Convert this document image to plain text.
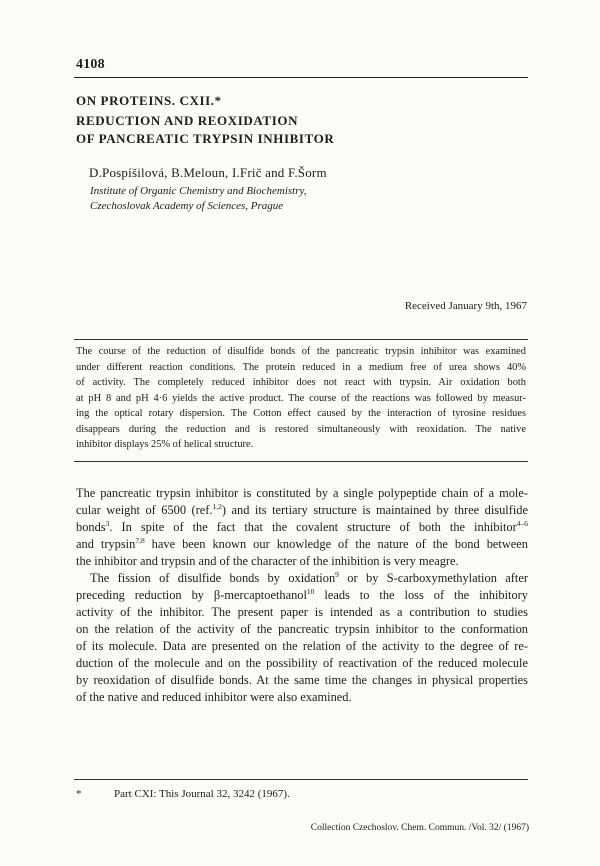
4108
ON PROTEINS. CXII.*
REDUCTION AND REOXIDATION
OF PANCREATIC TRYPSIN INHIBITOR
D.Pospíšilová, B.Meloun, I.Frič and F.Šorm
Institute of Organic Chemistry and Biochemistry,
Czechoslovak Academy of Sciences, Prague
Received January 9th, 1967
The course of the reduction of disulfide bonds of the pancreatic trypsin inhibitor was examined
under different reaction conditions. The protein reduced in a medium free of urea shows 40%
of activity. The completely reduced inhibitor does not react with trypsin. Air oxidation both
at pH 8 and pH 4·6 yields the active product. The course of the reactions was followed by measur-
ing the optical rotary dispersion. The Cotton effect caused by the interaction of tyrosine residues
disappears during the reduction and is restored simultaneously with reoxidation. The native
inhibitor displays 25% of helical structure.
The pancreatic trypsin inhibitor is constituted by a single polypeptide chain of a mole-
cular weight of 6500 (ref.$^{1,2}$) and its tertiary structure is maintained by three disulfide
bonds$^3$. In spite of the fact that the covalent structure of both the inhibitor$^{4-6}$
and trypsin$^{7,8}$ have been known our knowledge of the nature of the bond between
the inhibitor and trypsin and of the character of the inhibition is very meagre.
The fission of disulfide bonds by oxidation$^9$ or by S-carboxymethylation after
preceding reduction by β-mercaptoethanol$^{10}$ leads to the loss of the inhibitory
activity of the inhibitor. The present paper is intended as a contribution to studies
on the relation of the activity of the pancreatic trypsin inhibitor to the conformation
of its molecule. Data are presented on the relation of the activity to the degree of re-
duction of the molecule and on the possibility of reactivation of the reduced molecule
by reoxidation of disulfide bonds. At the same time the changes in physical properties
of the native and reduced inhibitor were also examined.
*	Part CXI: This Journal 32, 3242 (1967).
Collection Czechoslov. Chem. Commun. /Vol. 32/ (1967)
